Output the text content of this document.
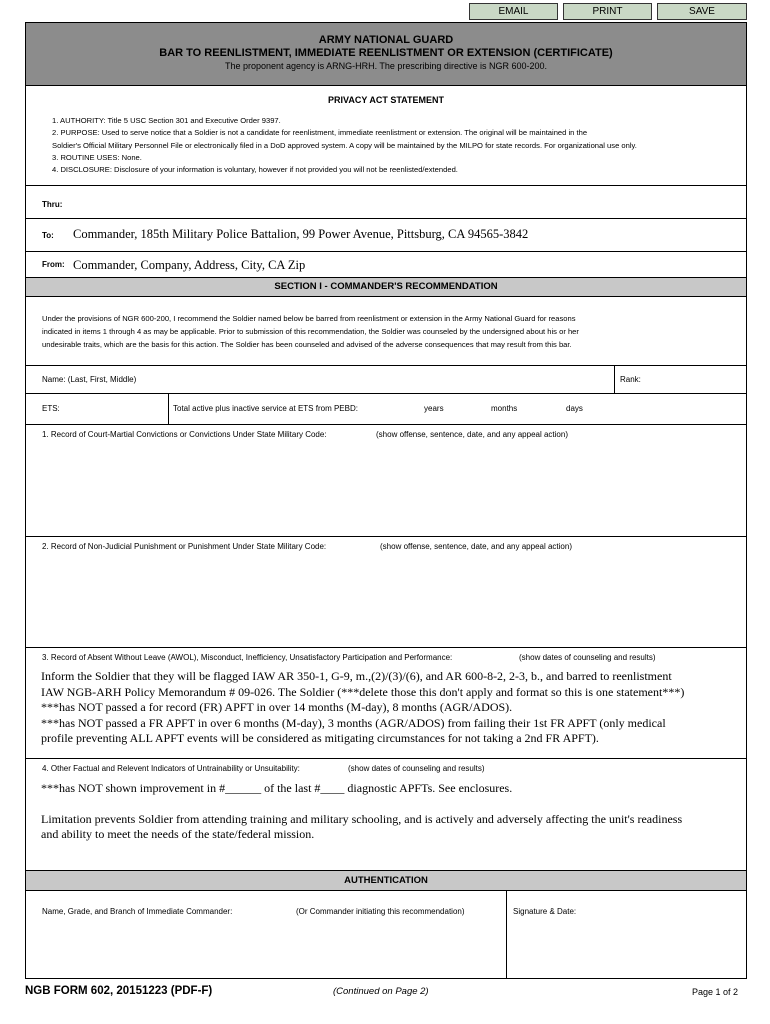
EMAIL	PRINT	SAVE
ARMY NATIONAL GUARD
BAR TO REENLISTMENT, IMMEDIATE REENLISTMENT OR EXTENSION (CERTIFICATE)
The proponent agency is ARNG-HRH. The prescribing directive is NGR 600-200.
PRIVACY ACT STATEMENT
1. AUTHORITY: Title 5 USC Section 301 and Executive Order 9397.
2. PURPOSE: Used to serve notice that a Soldier is not a candidate for reenlistment, immediate reenlistment or extension. The original will be maintained in the
Soldier's Official Military Personnel File or electronically filed in a DoD approved system. A copy will be maintained by the MILPO for state records. For organizational use only.
3. ROUTINE USES: None.
4. DISCLOSURE: Disclosure of your information is voluntary, however if not provided you will not be reenlisted/extended.
Thru:
To: Commander, 185th Military Police Battalion, 99 Power Avenue, Pittsburg, CA 94565-3842
From: Commander, Company, Address, City, CA Zip
SECTION I - COMMANDER'S RECOMMENDATION
Under the provisions of NGR 600-200, I recommend the Soldier named below be barred from reenlistment or extension in the Army National Guard for reasons
indicated in items 1 through 4 as may be applicable. Prior to submission of this recommendation, the Soldier was counseled by the undersigned about his or her
undesirable traits, which are the basis for this action. The Soldier has been counseled and advised of the adverse consequences that may result from this bar.
Name: (Last, First, Middle)	Rank:
ETS:	Total active plus inactive service at ETS from PEBD:	years	months	days
1. Record of Court-Martial Convictions or Convictions Under State Military Code:	(show offense, sentence, date, and any appeal action)
2. Record of Non-Judicial Punishment or Punishment Under State Military Code:	(show offense, sentence, date, and any appeal action)
3. Record of Absent Without Leave (AWOL), Misconduct, Inefficiency, Unsatisfactory Participation and Performance:	(show dates of counseling and results)
Inform the Soldier that they will be flagged IAW AR 350-1, G-9, m.,(2)/(3)/(6), and AR 600-8-2, 2-3, b., and barred to reenlistment
IAW NGB-ARH Policy Memorandum # 09-026. The Soldier (***delete those this don't apply and format so this is one statement***)
***has NOT passed a for record (FR) APFT in over 14 months (M-day), 8 months (AGR/ADOS).
***has NOT passed a FR APFT in over 6 months (M-day), 3 months (AGR/ADOS) from failing their 1st FR APFT (only medical
profile preventing ALL APFT events will be considered as mitigating circumstances for not taking a 2nd FR APFT).
4. Other Factual and Relevent Indicators of Untrainability or Unsuitability:	(show dates of counseling and results)
***has NOT shown improvement in #______ of the last #____ diagnostic APFTs. See enclosures.
Limitation prevents Soldier from attending training and military schooling, and is actively and adversely affecting the unit's readiness
and ability to meet the needs of the state/federal mission.
AUTHENTICATION
Name, Grade, and Branch of Immediate Commander:	(Or Commander initiating this recommendation)	Signature & Date:
NGB FORM 602, 20151223 (PDF-F)	(Continued on Page 2)	Page 1 of 2
